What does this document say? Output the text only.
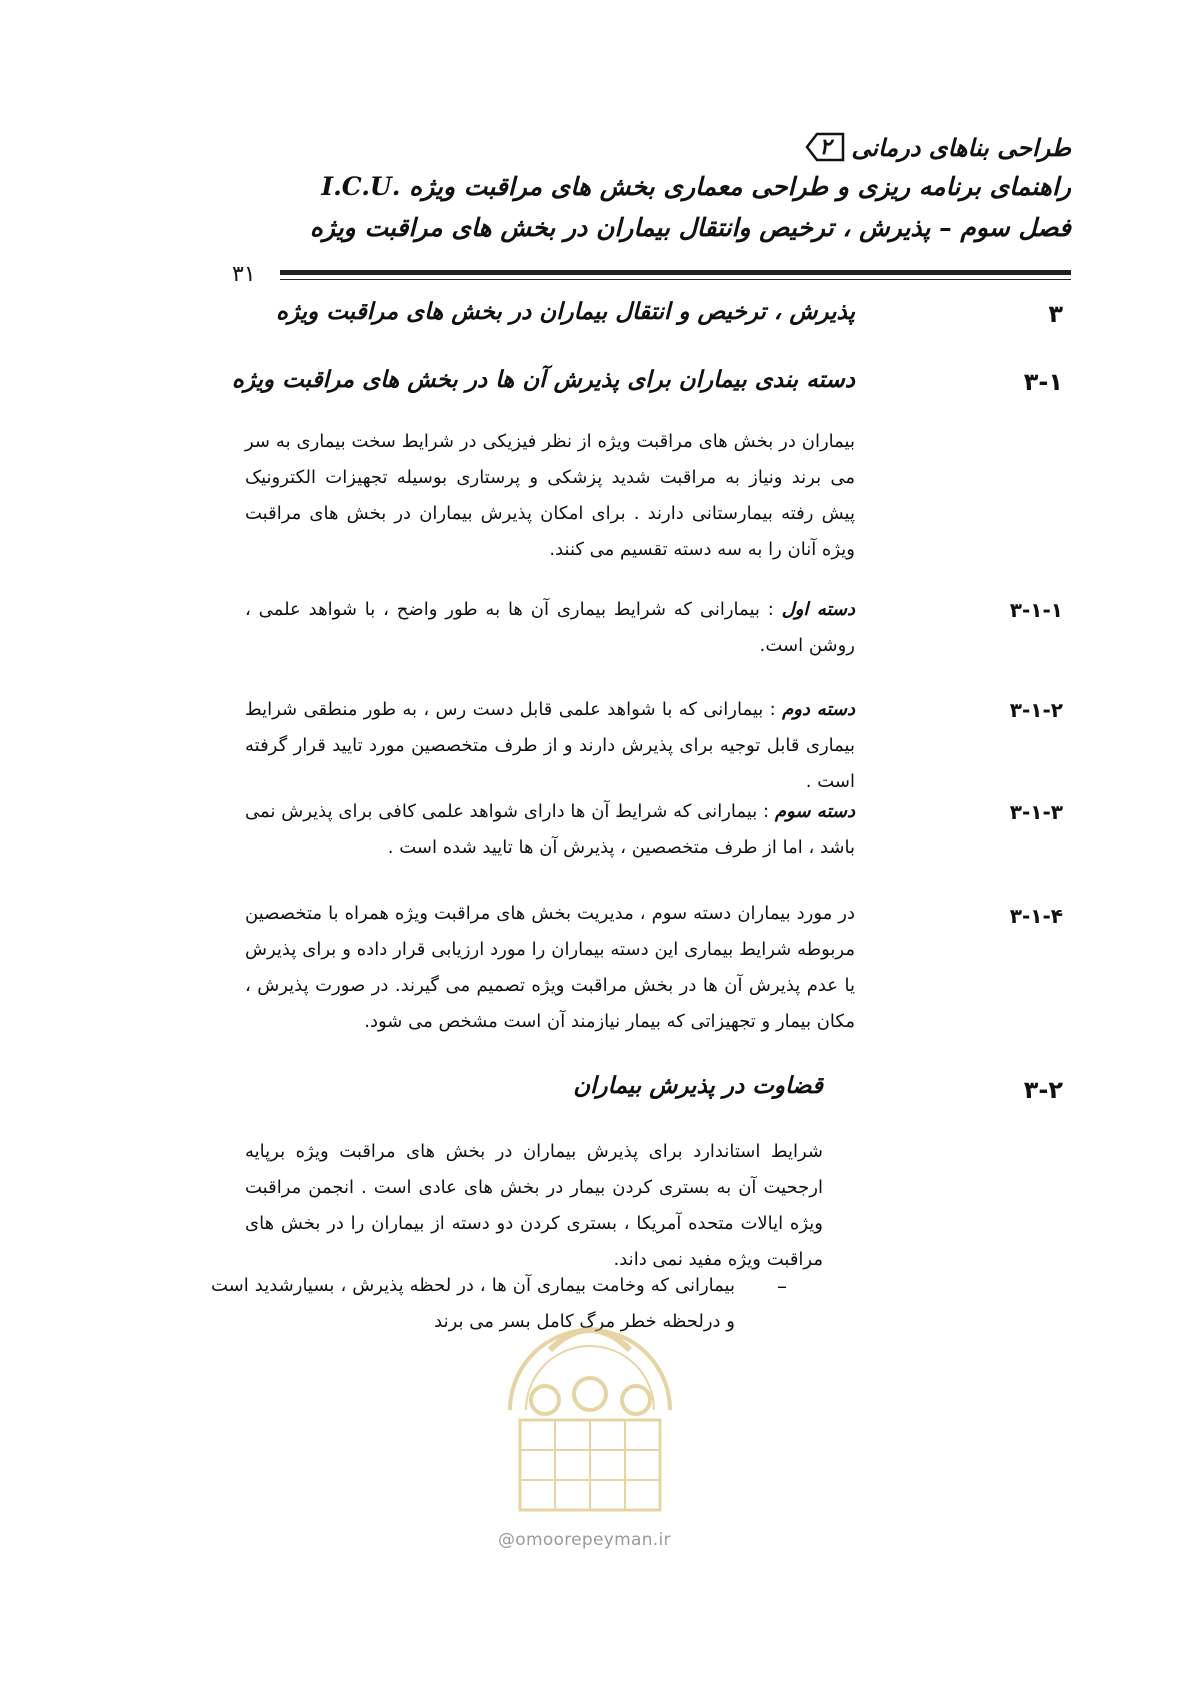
طراحی بناهای درمانی
۲
راهنمای برنامه ریزی و طراحی معماری بخش های مراقبت ویژه .I.C.U
فصل سوم – پذیرش ، ترخیص وانتقال بیماران در بخش های مراقبت ویژه
۳۱
۳
پذیرش ، ترخیص و انتقال بیماران در بخش های مراقبت ویژه
۳-۱
دسته بندی بیماران برای پذیرش آن ها در بخش های مراقبت ویژه
بیماران در بخش های مراقبت ویژه از نظر فیزیکی در شرایط سخت بیماری به سر می برند ونیاز به مراقبت شدید پزشکی و پرستاری بوسیله تجهیزات الکترونیک پیش رفته بیمارستانی دارند . برای امکان پذیرش بیماران در بخش های مراقبت ویژه آنان را به سه دسته تقسیم می کنند.
۳-۱-۱
دسته اول : بیمارانی که شرایط بیماری آن ها به طور واضح ، با شواهد علمی ، روشن است.
۳-۱-۲
دسته دوم : بیمارانی که با شواهد علمی قابل دست رس ، به طور منطقی شرایط بیماری قابل توجیه برای پذیرش دارند و از طرف متخصصین مورد تایید قرار گرفته است .
۳-۱-۳
دسته سوم : بیمارانی که شرایط آن ها دارای شواهد علمی کافی برای پذیرش نمی باشد ، اما از طرف متخصصین ، پذیرش آن ها تایید شده است .
۳-۱-۴
در مورد بیماران دسته سوم ، مدیریت بخش های مراقبت ویژه همراه با متخصصین مربوطه شرایط بیماری این دسته بیماران را مورد ارزیابی قرار داده و برای پذیرش یا عدم پذیرش آن ها در بخش مراقبت ویژه تصمیم می گیرند. در صورت پذیرش ، مکان بیمار و تجهیزاتی که بیمار نیازمند آن است مشخص می شود.
۳-۲
قضاوت در پذیرش بیماران
شرایط استاندارد برای پذیرش بیماران در بخش های مراقبت ویژه برپایه ارجحیت آن به بستری کردن بیمار در بخش های عادی است . انجمن مراقبت ویژه ایالات متحده آمریکا ، بستری کردن دو دسته از بیماران را در بخش های مراقبت ویژه مفید نمی داند.
–
بیمارانی که وخامت بیماری آن ها ، در لحظه پذیرش ، بسیارشدید است و درلحظه خطر مرگ کامل بسر می برند
@omoorepeyman.ir
